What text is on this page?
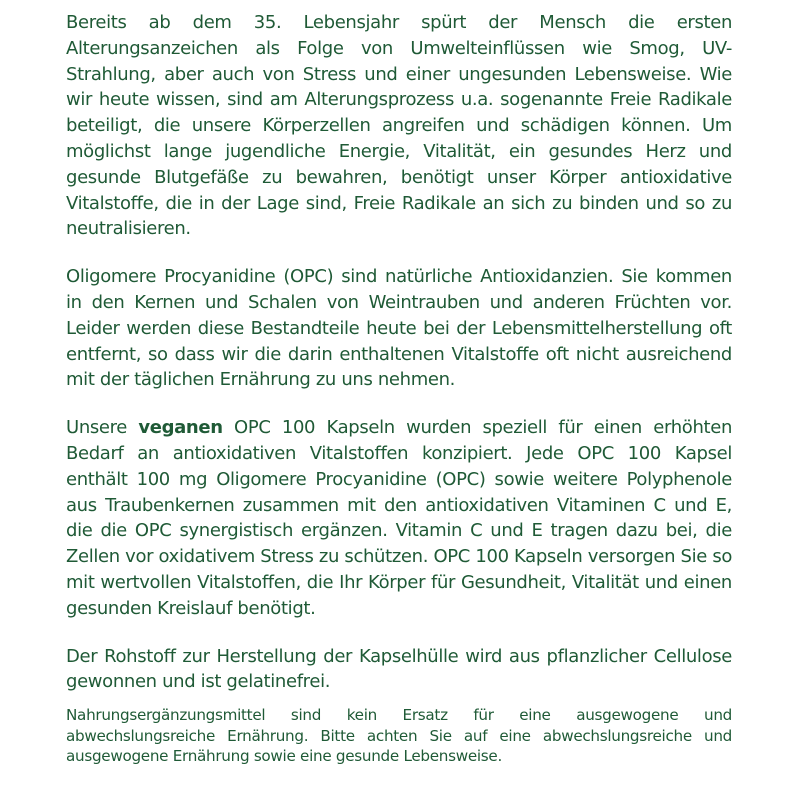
Bereits ab dem 35. Lebensjahr spürt der Mensch die ersten Alterungsanzeichen als Folge von Umwelteinflüssen wie Smog, UV-Strahlung, aber auch von Stress und einer ungesunden Lebensweise. Wie wir heute wissen, sind am Alterungsprozess u.a. sogenannte Freie Radikale beteiligt, die unsere Körperzellen angreifen und schädigen können. Um möglichst lange jugendliche Energie, Vitalität, ein gesundes Herz und gesunde Blutgefäße zu bewahren, benötigt unser Körper antioxidative Vitalstoffe, die in der Lage sind, Freie Radikale an sich zu binden und so zu neutralisieren.

Oligomere Procyanidine (OPC) sind natürliche Antioxidanzien. Sie kommen in den Kernen und Schalen von Weintrauben und anderen Früchten vor. Leider werden diese Bestandteile heute bei der Lebensmittelherstellung oft entfernt, so dass wir die darin enthaltenen Vitalstoffe oft nicht ausreichend mit der täglichen Ernährung zu uns nehmen.

Unsere veganen OPC 100 Kapseln wurden speziell für einen erhöhten Bedarf an antioxidativen Vitalstoffen konzipiert. Jede OPC 100 Kapsel enthält 100 mg Oligomere Procyanidine (OPC) sowie weitere Polyphenole aus Traubenkernen zusammen mit den antioxidativen Vitaminen C und E, die die OPC synergistisch ergänzen. Vitamin C und E tragen dazu bei, die Zellen vor oxidativem Stress zu schützen. OPC 100 Kapseln versorgen Sie so mit wertvollen Vitalstoffen, die Ihr Körper für Gesundheit, Vitalität und einen gesunden Kreislauf benötigt.

Der Rohstoff zur Herstellung der Kapselhülle wird aus pflanzlicher Cellulose gewonnen und ist gelatinefrei.

Nahrungsergänzungsmittel sind kein Ersatz für eine ausgewogene und abwechslungsreiche Ernährung. Bitte achten Sie auf eine abwechslungsreiche und ausgewogene Ernährung sowie eine gesunde Lebensweise.
